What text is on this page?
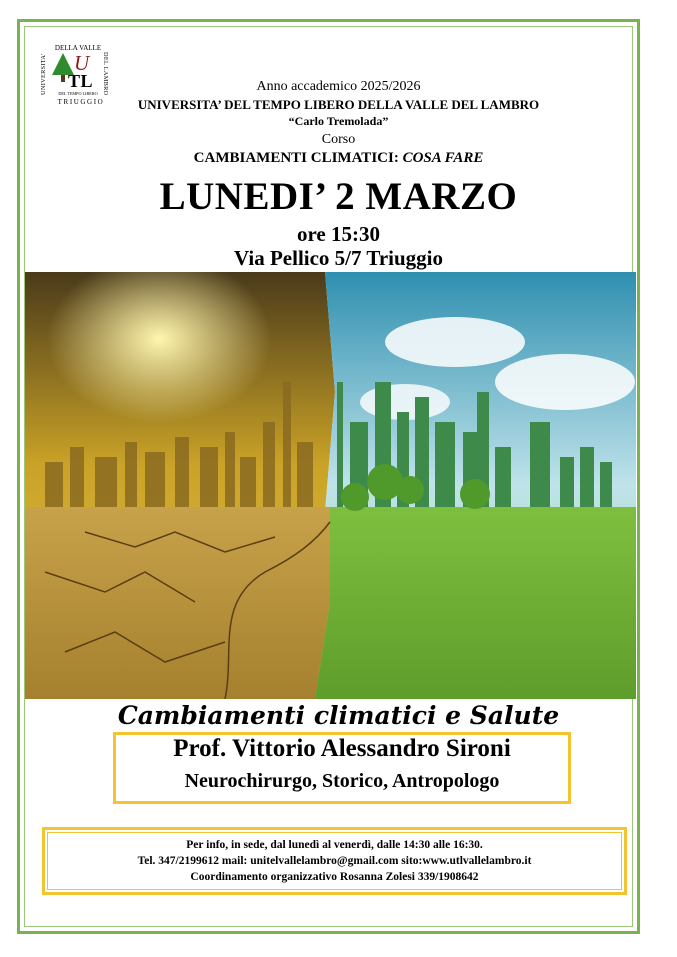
UNIVERSITA'
DELLA VALLE
DEL LAMBRO
U
TL
DEL TEMPO LIBERO
TRIUGGIO
Anno accademico 2025/2026
UNIVERSITA’ DEL TEMPO LIBERO DELLA VALLE DEL LAMBRO
“Carlo Tremolada”
Corso
CAMBIAMENTI CLIMATICI: COSA FARE
LUNEDI’ 2 MARZO
ore 15:30
Via Pellico 5/7 Triuggio
Cambiamenti climatici e Salute
Prof. Vittorio Alessandro Sironi
Neurochirurgo, Storico, Antropologo
Per info, in sede, dal lunedì al venerdì, dalle 14:30 alle 16:30.
Tel. 347/2199612 mail: unitelvallelambro@gmail.com sito:www.utlvallelambro.it
Coordinamento organizzativo Rosanna Zolesi 339/1908642
